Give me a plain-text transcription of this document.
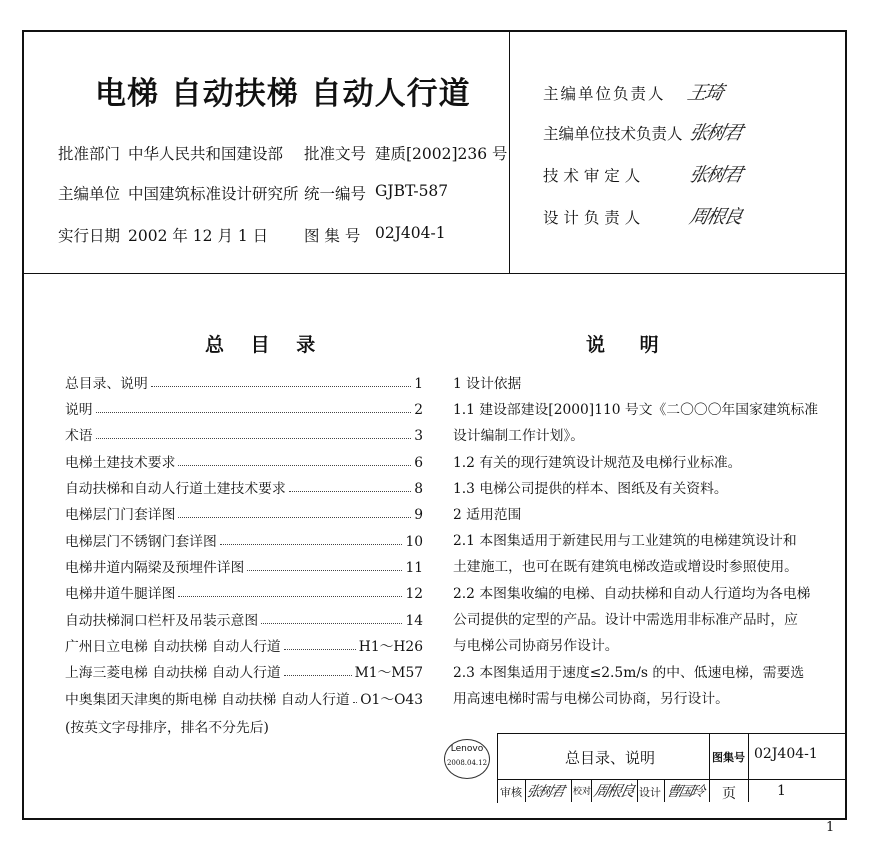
电梯 自动扶梯 自动人行道
批准部门 中华人民共和国建设部 批准文号 建质[2002]236 号
主编单位 中国建筑标准设计研究所 统一编号 GJBT-587
实行日期 2002 年 12 月 1 日 图 集 号 02J404-1
主编单位负责人 王琦
主编单位技术负责人 张树君
技 术 审 定 人 张树君
设 计 负 责 人 周根良
总 目 录
总目录、说明	1
说明	2
术语	3
电梯土建技术要求	6
自动扶梯和自动人行道土建技术要求	8
电梯层门门套详图	9
电梯层门不锈钢门套详图	10
电梯井道内隔梁及预埋件详图	11
电梯井道牛腿详图	12
自动扶梯洞口栏杆及吊装示意图	14
广州日立电梯 自动扶梯 自动人行道	H1～H26
上海三菱电梯 自动扶梯 自动人行道	M1～M57
中奥集团天津奥的斯电梯 自动扶梯 自动人行道 O1～O43
(按英文字母排序，排名不分先后)
说 明
1 设计依据
1.1 建设部建设[2000]110 号文《二〇〇〇年国家建筑标准
设计编制工作计划》。
1.2 有关的现行建筑设计规范及电梯行业标准。
1.3 电梯公司提供的样本、图纸及有关资料。
2 适用范围
2.1 本图集适用于新建民用与工业建筑的电梯建筑设计和
土建施工，也可在既有建筑电梯改造或增设时参照使用。
2.2 本图集收编的电梯、自动扶梯和自动人行道均为各电梯
公司提供的定型的产品。设计中需选用非标准产品时，应
与电梯公司协商另作设计。
2.3 本图集适用于速度≤2.5m/s 的中、低速电梯，需要选
用高速电梯时需与电梯公司协商，另行设计。
Lenovo
2008.04.12	总目录、说明	图集号 02J404-1
审核 张树君 校对 周根良 设计 曹国玲 页	1
1
